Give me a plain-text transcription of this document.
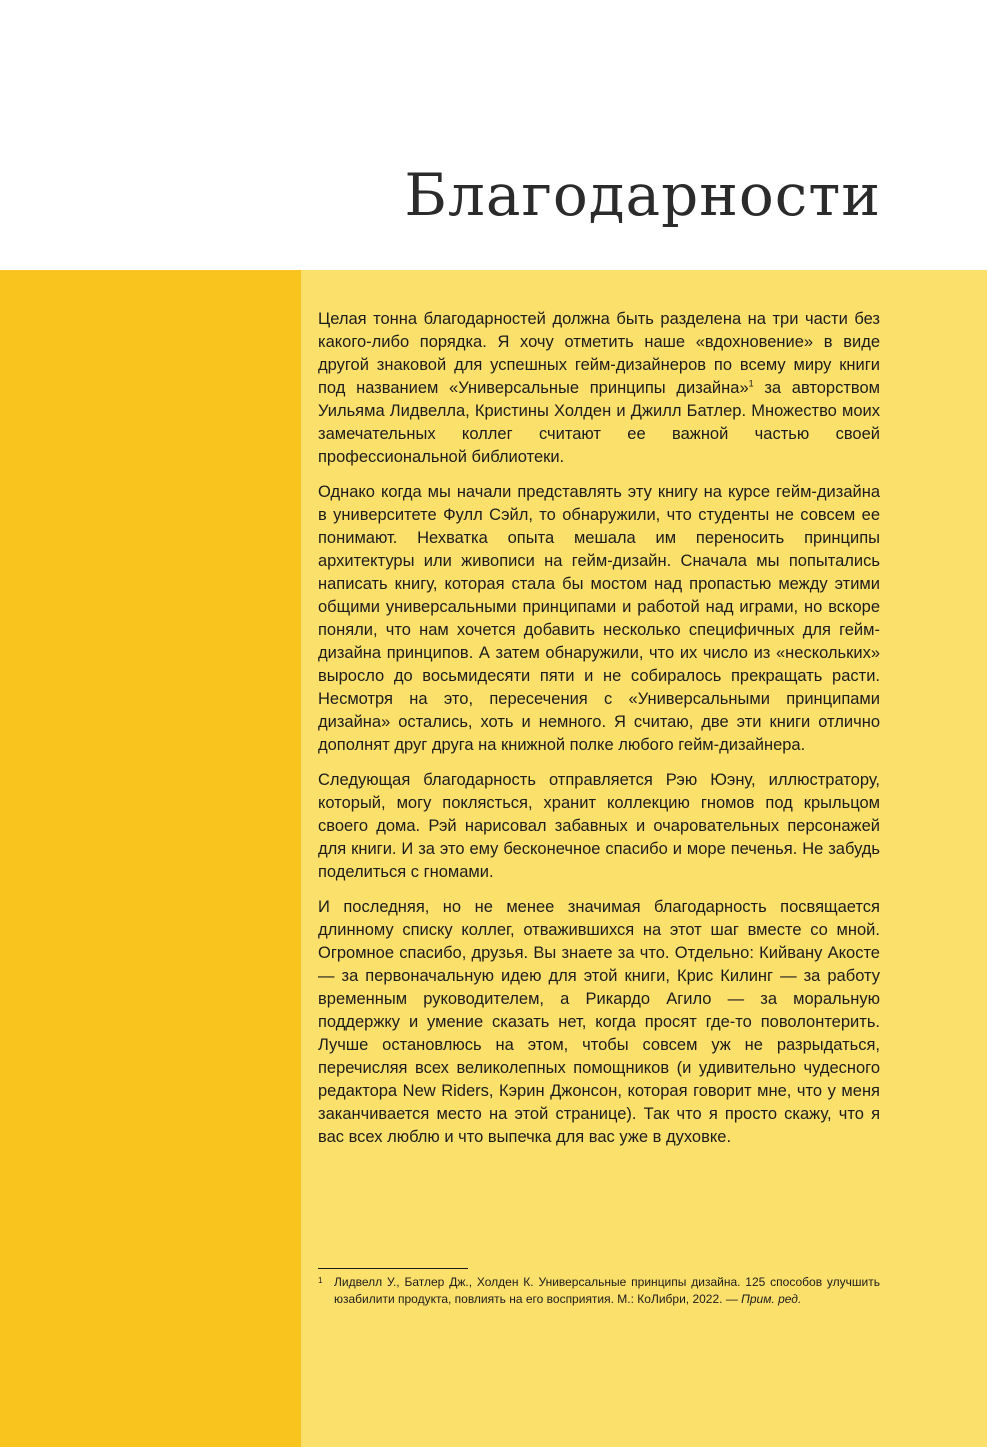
Благодарности

Целая тонна благодарностей должна быть разделена на три части без какого-либо порядка. Я хочу отметить наше «вдохновение» в виде другой знаковой для успешных гейм-дизайнеров по всему миру книги под названием «Универсальные принципы дизайна»$^1$ за авторством Уильяма Лидвелла, Кристины Холден и Джилл Батлер. Множество моих замечательных коллег считают ее важной частью своей профессиональной библиотеки.

Однако когда мы начали представлять эту книгу на курсе гейм-дизайна в университете Фулл Сэйл, то обнаружили, что студенты не совсем ее понимают. Нехватка опыта мешала им переносить принципы архитектуры или живописи на гейм-дизайн. Сначала мы попытались написать книгу, которая стала бы мостом над пропастью между этими общими универсальными принципами и работой над играми, но вскоре поняли, что нам хочется добавить несколько специфичных для гейм-дизайна принципов. А затем обнаружили, что их число из «нескольких» выросло до восьмидесяти пяти и не собиралось прекращать расти. Несмотря на это, пересечения с «Универсальными принципами дизайна» остались, хоть и немного. Я считаю, две эти книги отлично дополнят друг друга на книжной полке любого гейм-дизайнера.

Следующая благодарность отправляется Рэю Юэну, иллюстратору, который, могу поклясться, хранит коллекцию гномов под крыльцом своего дома. Рэй нарисовал забавных и очаровательных персонажей для книги. И за это ему бесконечное спасибо и море печенья. Не забудь поделиться с гномами.

И последняя, но не менее значимая благодарность посвящается длинному списку коллег, отважившихся на этот шаг вместе со мной. Огромное спасибо, друзья. Вы знаете за что. Отдельно: Кийвану Акосте — за первоначальную идею для этой книги, Крис Килинг — за работу временным руководителем, а Рикардо Агило — за моральную поддержку и умение сказать нет, когда просят где-то поволонтерить. Лучше остановлюсь на этом, чтобы совсем уж не разрыдаться, перечисляя всех великолепных помощников (и удивительно чудесного редактора New Riders, Кэрин Джонсон, которая говорит мне, что у меня заканчивается место на этой странице). Так что я просто скажу, что я вас всех люблю и что выпечка для вас уже в духовке.

1 Лидвелл У., Батлер Дж., Холден К. Универсальные принципы дизайна. 125 способов улучшить юзабилити продукта, повлиять на его восприятия. М.: КоЛибри, 2022. — Прим. ред.
